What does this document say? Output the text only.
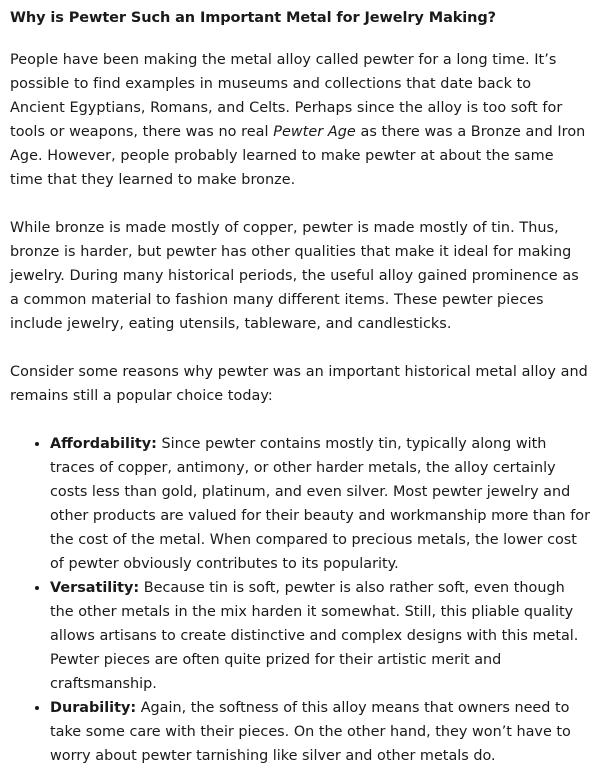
Why is Pewter Such an Important Metal for Jewelry Making?

People have been making the metal alloy called pewter for a long time. It’s possible to find examples in museums and collections that date back to Ancient Egyptians, Romans, and Celts. Perhaps since the alloy is too soft for tools or weapons, there was no real Pewter Age as there was a Bronze and Iron Age. However, people probably learned to make pewter at about the same time that they learned to make bronze.

While bronze is made mostly of copper, pewter is made mostly of tin. Thus, bronze is harder, but pewter has other qualities that make it ideal for making jewelry. During many historical periods, the useful alloy gained prominence as a common material to fashion many different items. These pewter pieces include jewelry, eating utensils, tableware, and candlesticks.

Consider some reasons why pewter was an important historical metal alloy and remains still a popular choice today:

• Affordability: Since pewter contains mostly tin, typically along with traces of copper, antimony, or other harder metals, the alloy certainly costs less than gold, platinum, and even silver. Most pewter jewelry and other products are valued for their beauty and workmanship more than for the cost of the metal. When compared to precious metals, the lower cost of pewter obviously contributes to its popularity.
• Versatility: Because tin is soft, pewter is also rather soft, even though the other metals in the mix harden it somewhat. Still, this pliable quality allows artisans to create distinctive and complex designs with this metal. Pewter pieces are often quite prized for their artistic merit and craftsmanship.
• Durability: Again, the softness of this alloy means that owners need to take some care with their pieces. On the other hand, they won’t have to worry about pewter tarnishing like silver and other metals do.
